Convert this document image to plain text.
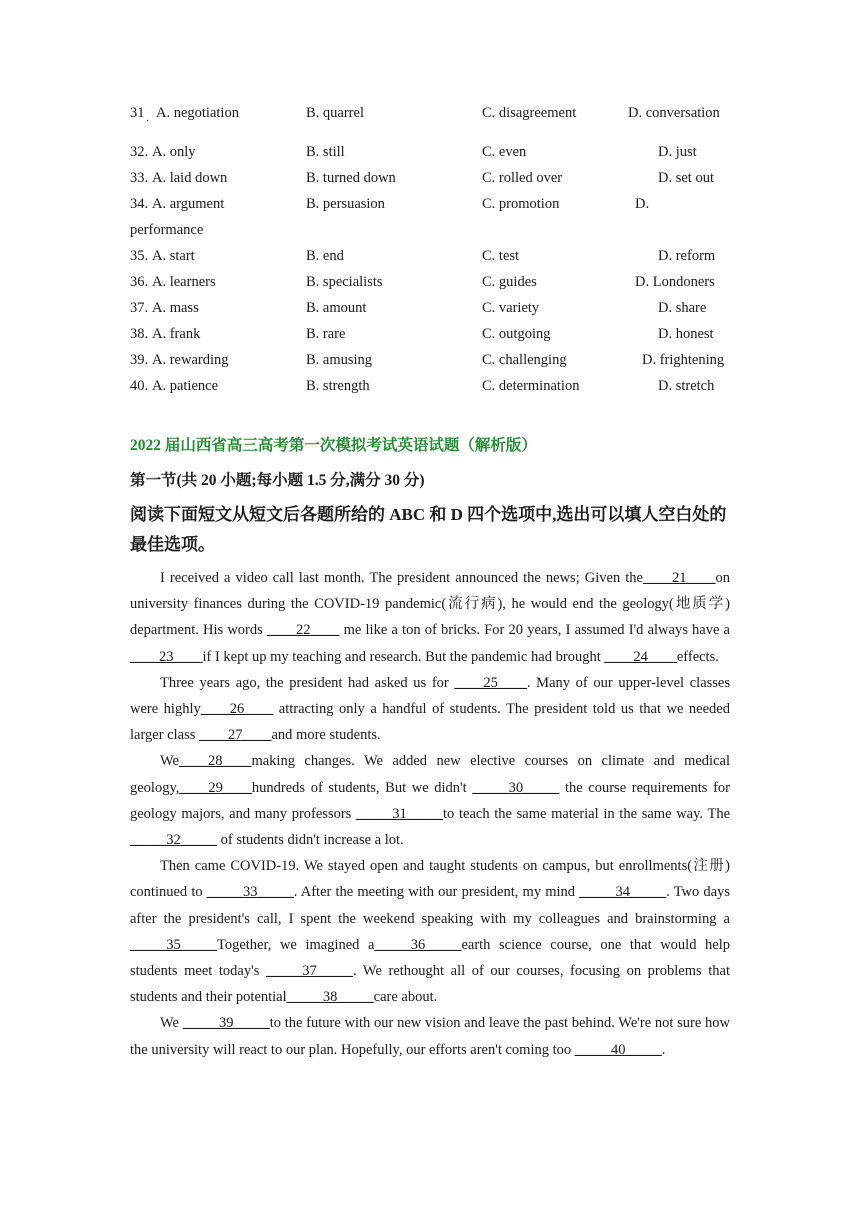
31 A. negotiation	B. quarrel	C. disagreement	D. conversation
·
32. A. only	B. still	C. even	D. just
33. A. laid down	B. turned down	C. rolled over	D. set out
34. A. argument	B. persuasion	C. promotion	D.
performance
35. A. start	B. end	C. test	D. reform
36. A. learners	B. specialists	C. guides	D. Londoners
37. A. mass	B. amount	C. variety	D. share
38. A. frank	B. rare	C. outgoing	D. honest
39. A. rewarding	B. amusing	C. challenging	D. frightening
40. A. patience	B. strength	C. determination	D. stretch
2022 届山西省高三高考第一次模拟考试英语试题（解析版）
第一节(共 20 小题;每小题 1.5 分,满分 30 分)
阅读下面短文从短文后各题所给的 ABC 和 D 四个选项中,选出可以填人空白处的最佳选项。

I received a video call last month. The president announced the news; Given the____21____on university finances during the COVID-19 pandemic(流行病), he would end the geology(地质学) department. His words ____22____ me like a ton of bricks. For 20 years, I assumed I'd always have a ____23____if I kept up my teaching and research. But the pandemic had brought ____24____effects.

Three years ago, the president had asked us for ____25____. Many of our upper-level classes were highly____26____ attracting only a handful of students. The president told us that we needed larger class ____27____and more students.

We____28____making changes. We added new elective courses on climate and medical geology,____29____hundreds of students, But we didn't _____30_____ the course requirements for geology majors, and many professors _____31_____to teach the same material in the same way. The _____32_____ of students didn't increase a lot.

Then came COVID-19. We stayed open and taught students on campus, but enrollments(注册) continued to _____33_____. After the meeting with our president, my mind _____34_____. Two days after the president's call, I spent the weekend speaking with my colleagues and brainstorming a _____35_____Together, we imagined a_____36_____earth science course, one that would help students meet today's _____37_____. We rethought all of our courses, focusing on problems that students and their potential_____38_____care about.

We _____39_____to the future with our new vision and leave the past behind. We're not sure how the university will react to our plan. Hopefully, our efforts aren't coming too _____40_____.
